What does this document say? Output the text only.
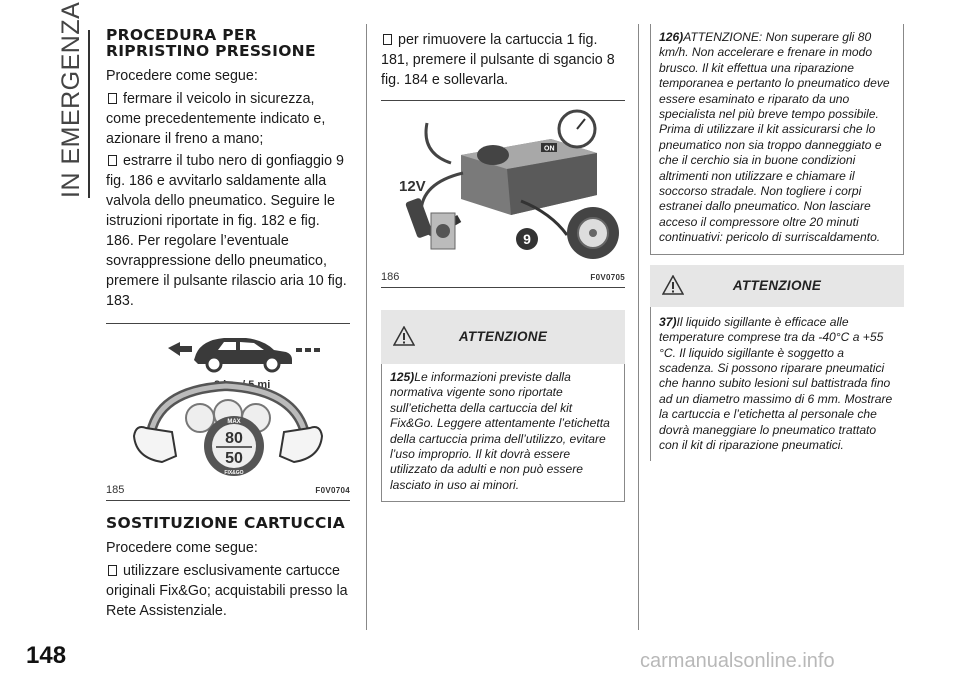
IN EMERGENZA
148	carmanualsonline.info
PROCEDURA PER RIPRISTINO PRESSIONE

Procedere come segue:

fermare il veicolo in sicurezza, come precedentemente indicato e, azionare il freno a mano;

estrarre il tubo nero di gonfiaggio 9 fig. 186 e avvitarlo saldamente alla valvola dello pneumatico. Seguire le istruzioni riportate in fig. 182 e fig. 186. Per regolare l’eventuale sovrappressione dello pneumatico, premere il pulsante rilascio aria 10 fig. 183.

8 km / 5 mi
MAX
FIX&GO
80
50
185	F0V0704
SOSTITUZIONE CARTUCCIA

Procedere come segue:

utilizzare esclusivamente cartucce originali Fix&Go; acquistabili presso la Rete Assistenziale.

per rimuovere la cartuccia 1 fig. 181, premere il pulsante di sgancio 8 fig. 184 e sollevarla.

ON
12V
9
186	F0V0705
ATTENZIONE

125)Le informazioni previste dalla normativa vigente sono riportate sull’etichetta della cartuccia del kit Fix&Go. Leggere attentamente l’etichetta della cartuccia prima dell’utilizzo, evitare l’uso improprio. Il kit dovrà essere utilizzato da adulti e non può essere lasciato in uso ai minori.

126)ATTENZIONE: Non superare gli 80 km/h. Non accelerare e frenare in modo brusco. Il kit effettua una riparazione temporanea e pertanto lo pneumatico deve essere esaminato e riparato da uno specialista nel più breve tempo possibile. Prima di utilizzare il kit assicurarsi che lo pneumatico non sia troppo danneggiato e che il cerchio sia in buone condizioni altrimenti non utilizzare e chiamare il soccorso stradale. Non togliere i corpi estranei dallo pneumatico. Non lasciare acceso il compressore oltre 20 minuti continuativi: pericolo di surriscaldamento.

ATTENZIONE

37)Il liquido sigillante è efficace alle temperature comprese tra da -40°C a +55 °C. Il liquido sigillante è soggetto a scadenza. Si possono riparare pneumatici che hanno subito lesioni sul battistrada fino ad un diametro massimo di 6 mm. Mostrare la cartuccia e l’etichetta al personale che dovrà maneggiare lo pneumatico trattato con il kit di riparazione pneumatici.
